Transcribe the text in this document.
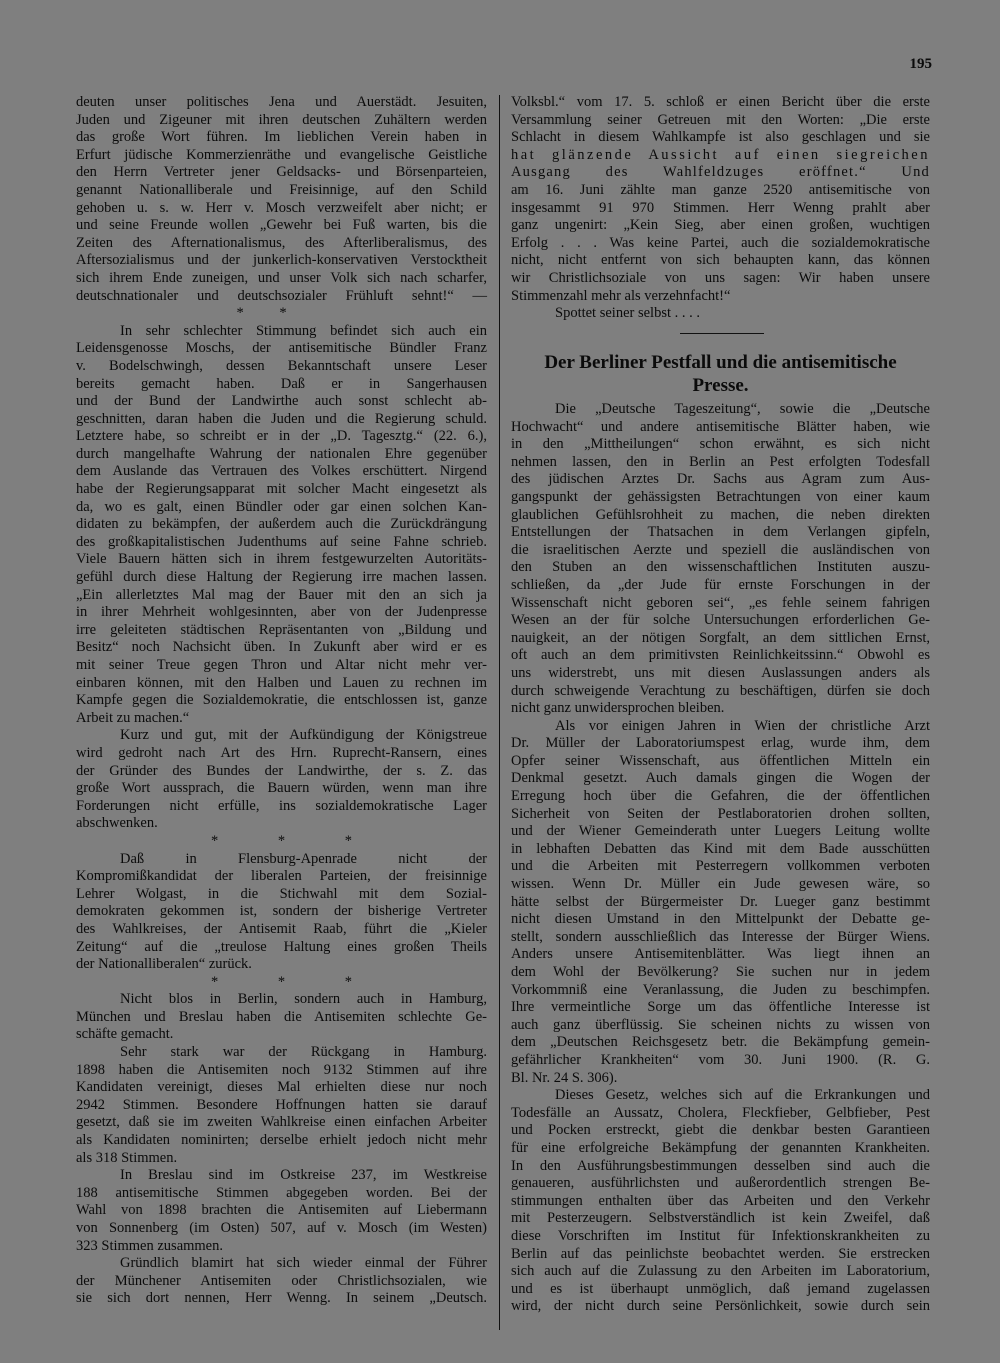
195
deuten unser politisches Jena und Auerstädt. Jesuiten,
Juden und Zigeuner mit ihren deutschen Zuhältern werden
das große Wort führen. Im lieblichen Verein haben in
Erfurt jüdische Kommerzienräthe und evangelische Geistliche
den Herrn Vertreter jener Geldsacks- und Börsenparteien,
genannt Nationalliberale und Freisinnige, auf den Schild
gehoben u. s. w. Herr v. Mosch verzweifelt aber nicht; er
und seine Freunde wollen „Gewehr bei Fuß warten, bis die
Zeiten des Afternationalismus, des Afterliberalismus, des
Aftersozialismus und der junkerlich-konservativen Verstocktheit
sich ihrem Ende zuneigen, und unser Volk sich nach scharfer,
deutschnationaler und deutschsozialer Frühluft sehnt!“ —
* *
In sehr schlechter Stimmung befindet sich auch ein
Leidensgenosse Moschs, der antisemitische Bündler Franz
v. Bodelschwingh, dessen Bekanntschaft unsere Leser
bereits gemacht haben. Daß er in Sangerhausen
und der Bund der Landwirthe auch sonst schlecht ab-
geschnitten, daran haben die Juden und die Regierung schuld.
Letztere habe, so schreibt er in der „D. Tagesztg.“ (22. 6.),
durch mangelhafte Wahrung der nationalen Ehre gegenüber
dem Auslande das Vertrauen des Volkes erschüttert. Nirgend
habe der Regierungsapparat mit solcher Macht eingesetzt als
da, wo es galt, einen Bündler oder gar einen solchen Kan-
didaten zu bekämpfen, der außerdem auch die Zurückdrängung
des großkapitalistischen Judenthums auf seine Fahne schrieb.
Viele Bauern hätten sich in ihrem festgewurzelten Autoritäts-
gefühl durch diese Haltung der Regierung irre machen lassen.
„Ein allerletztes Mal mag der Bauer mit den an sich ja
in ihrer Mehrheit wohlgesinnten, aber von der Judenpresse
irre geleiteten städtischen Repräsentanten von „Bildung und
Besitz“ noch Nachsicht üben. In Zukunft aber wird er es
mit seiner Treue gegen Thron und Altar nicht mehr ver-
einbaren können, mit den Halben und Lauen zu rechnen im
Kampfe gegen die Sozialdemokratie, die entschlossen ist, ganze
Arbeit zu machen.“
Kurz und gut, mit der Aufkündigung der Königstreue
wird gedroht nach Art des Hrn. Ruprecht-Ransern, eines
der Gründer des Bundes der Landwirthe, der s. Z. das
große Wort aussprach, die Bauern würden, wenn man ihre
Forderungen nicht erfülle, ins sozialdemokratische Lager
abschwenken.
* * *
Daß in Flensburg-Apenrade nicht der
Kompromißkandidat der liberalen Parteien, der freisinnige
Lehrer Wolgast, in die Stichwahl mit dem Sozial-
demokraten gekommen ist, sondern der bisherige Vertreter
des Wahlkreises, der Antisemit Raab, führt die „Kieler
Zeitung“ auf die „treulose Haltung eines großen Theils
der Nationalliberalen“ zurück.
* * *
Nicht blos in Berlin, sondern auch in Hamburg,
München und Breslau haben die Antisemiten schlechte Ge-
schäfte gemacht.
Sehr stark war der Rückgang in Hamburg.
1898 haben die Antisemiten noch 9132 Stimmen auf ihre
Kandidaten vereinigt, dieses Mal erhielten diese nur noch
2942 Stimmen. Besondere Hoffnungen hatten sie darauf
gesetzt, daß sie im zweiten Wahlkreise einen einfachen Arbeiter
als Kandidaten nominirten; derselbe erhielt jedoch nicht mehr
als 318 Stimmen.
In Breslau sind im Ostkreise 237, im Westkreise
188 antisemitische Stimmen abgegeben worden. Bei der
Wahl von 1898 brachten die Antisemiten auf Liebermann
von Sonnenberg (im Osten) 507, auf v. Mosch (im Westen)
323 Stimmen zusammen.
Gründlich blamirt hat sich wieder einmal der Führer
der Münchener Antisemiten oder Christlichsozialen, wie
sie sich dort nennen, Herr Wenng. In seinem „Deutsch.
Volksbl.“ vom 17. 5. schloß er einen Bericht über die erste
Versammlung seiner Getreuen mit den Worten: „Die erste
Schlacht in diesem Wahlkampfe ist also geschlagen und sie
hat glänzende Aussicht auf einen siegreichen
Ausgang des Wahlfeldzuges eröffnet.“ Und
am 16. Juni zählte man ganze 2520 antisemitische von
insgesammt 91 970 Stimmen. Herr Wenng prahlt aber
ganz ungenirt: „Kein Sieg, aber einen großen, wuchtigen
Erfolg . . . Was keine Partei, auch die sozialdemokratische
nicht, nicht entfernt von sich behaupten kann, das können
wir Christlichsoziale von uns sagen: Wir haben unsere
Stimmenzahl mehr als verzehnfacht!“
Spottet seiner selbst . . . .
Der Berliner Pestfall und die antisemitische
Presse.
Die „Deutsche Tageszeitung“, sowie die „Deutsche
Hochwacht“ und andere antisemitische Blätter haben, wie
in den „Mittheilungen“ schon erwähnt, es sich nicht
nehmen lassen, den in Berlin an Pest erfolgten Todesfall
des jüdischen Arztes Dr. Sachs aus Agram zum Aus-
gangspunkt der gehässigsten Betrachtungen von einer kaum
glaublichen Gefühlsrohheit zu machen, die neben direkten
Entstellungen der Thatsachen in dem Verlangen gipfeln,
die israelitischen Aerzte und speziell die ausländischen von
den Stuben an den wissenschaftlichen Instituten auszu-
schließen, da „der Jude für ernste Forschungen in der
Wissenschaft nicht geboren sei“, „es fehle seinem fahrigen
Wesen an der für solche Untersuchungen erforderlichen Ge-
nauigkeit, an der nötigen Sorgfalt, an dem sittlichen Ernst,
oft auch an dem primitivsten Reinlichkeitssinn.“ Obwohl es
uns widerstrebt, uns mit diesen Auslassungen anders als
durch schweigende Verachtung zu beschäftigen, dürfen sie doch
nicht ganz unwidersprochen bleiben.
Als vor einigen Jahren in Wien der christliche Arzt
Dr. Müller der Laboratoriumspest erlag, wurde ihm, dem
Opfer seiner Wissenschaft, aus öffentlichen Mitteln ein
Denkmal gesetzt. Auch damals gingen die Wogen der
Erregung hoch über die Gefahren, die der öffentlichen
Sicherheit von Seiten der Pestlaboratorien drohen sollten,
und der Wiener Gemeinderath unter Luegers Leitung wollte
in lebhaften Debatten das Kind mit dem Bade ausschütten
und die Arbeiten mit Pesterregern vollkommen verboten
wissen. Wenn Dr. Müller ein Jude gewesen wäre, so
hätte selbst der Bürgermeister Dr. Lueger ganz bestimmt
nicht diesen Umstand in den Mittelpunkt der Debatte ge-
stellt, sondern ausschließlich das Interesse der Bürger Wiens.
Anders unsere Antisemitenblätter. Was liegt ihnen an
dem Wohl der Bevölkerung? Sie suchen nur in jedem
Vorkommniß eine Veranlassung, die Juden zu beschimpfen.
Ihre vermeintliche Sorge um das öffentliche Interesse ist
auch ganz überflüssig. Sie scheinen nichts zu wissen von
dem „Deutschen Reichsgesetz betr. die Bekämpfung gemein-
gefährlicher Krankheiten“ vom 30. Juni 1900. (R. G.
Bl. Nr. 24 S. 306).
Dieses Gesetz, welches sich auf die Erkrankungen und
Todesfälle an Aussatz, Cholera, Fleckfieber, Gelbfieber, Pest
und Pocken erstreckt, giebt die denkbar besten Garantieen
für eine erfolgreiche Bekämpfung der genannten Krankheiten.
In den Ausführungsbestimmungen desselben sind auch die
genaueren, ausführlichsten und außerordentlich strengen Be-
stimmungen enthalten über das Arbeiten und den Verkehr
mit Pesterzeugern. Selbstverständlich ist kein Zweifel, daß
diese Vorschriften im Institut für Infektionskrankheiten zu
Berlin auf das peinlichste beobachtet werden. Sie erstrecken
sich auch auf die Zulassung zu den Arbeiten im Laboratorium,
und es ist überhaupt unmöglich, daß jemand zugelassen
wird, der nicht durch seine Persönlichkeit, sowie durch sein
